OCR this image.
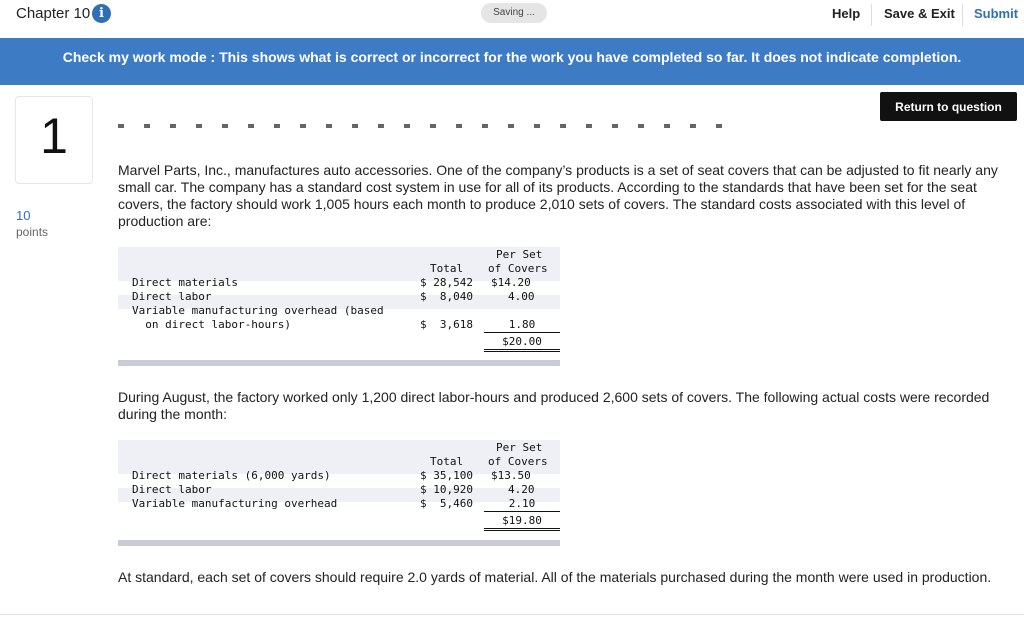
Chapter 10 i	Saving ...	Help Save & Exit Submit
Check my work mode : This shows what is correct or incorrect for the work you have completed so far. It does not indicate completion.
1
10
points
Return to question

Marvel Parts, Inc., manufactures auto accessories. One of the company’s products is a set of seat covers that can be adjusted to fit nearly any small car. The company has a standard cost system in use for all of its products. According to the standards that have been set for the seat covers, the factory should work 1,005 hours each month to produce 2,010 sets of covers. The standard costs associated with this level of production are:

Per Set
Total of Covers
Direct materials	$ 28,542 $14.20
Direct labor	$  8,040	4.00
Variable manufacturing overhead (based
on direct labor-hours)	$  3,618	1.80
$20.00

During August, the factory worked only 1,200 direct labor-hours and produced 2,600 sets of covers. The following actual costs were recorded during the month:

Per Set
Total of Covers
Direct materials (6,000 yards)	$ 35,100 $13.50
Direct labor	$ 10,920	4.20
Variable manufacturing overhead	$  5,460	2.10
$19.80

At standard, each set of covers should require 2.0 yards of material. All of the materials purchased during the month were used in production.
